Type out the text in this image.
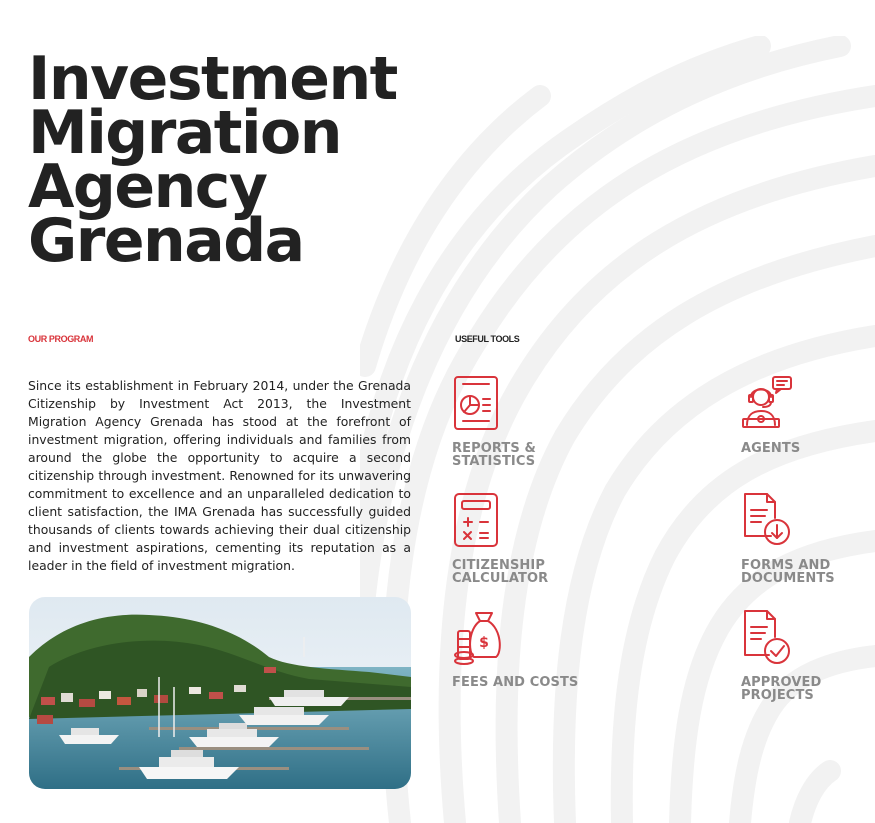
Investment
Migration
Agency
Grenada
OUR PROGRAM	USEFUL TOOLS

Since its establishment in February 2014, under the Grenada Citizenship by Investment Act 2013, the Investment Migration Agency Grenada has stood at the forefront of investment migration, offering individuals and families from around the globe the opportunity to acquire a second citizenship through investment. Renowned for its unwavering commitment to excellence and an unparalleled dedication to client satisfaction, the IMA Grenada has successfully guided thousands of clients towards achieving their dual citizenship and investment aspirations, cementing its reputation as a leader in the field of investment migration.

REPORTS & STATISTICS
AGENTS
CITIZENSHIP CALCULATOR
FORMS AND DOCUMENTS
$
FEES AND COSTS	APPROVED PROJECTS
